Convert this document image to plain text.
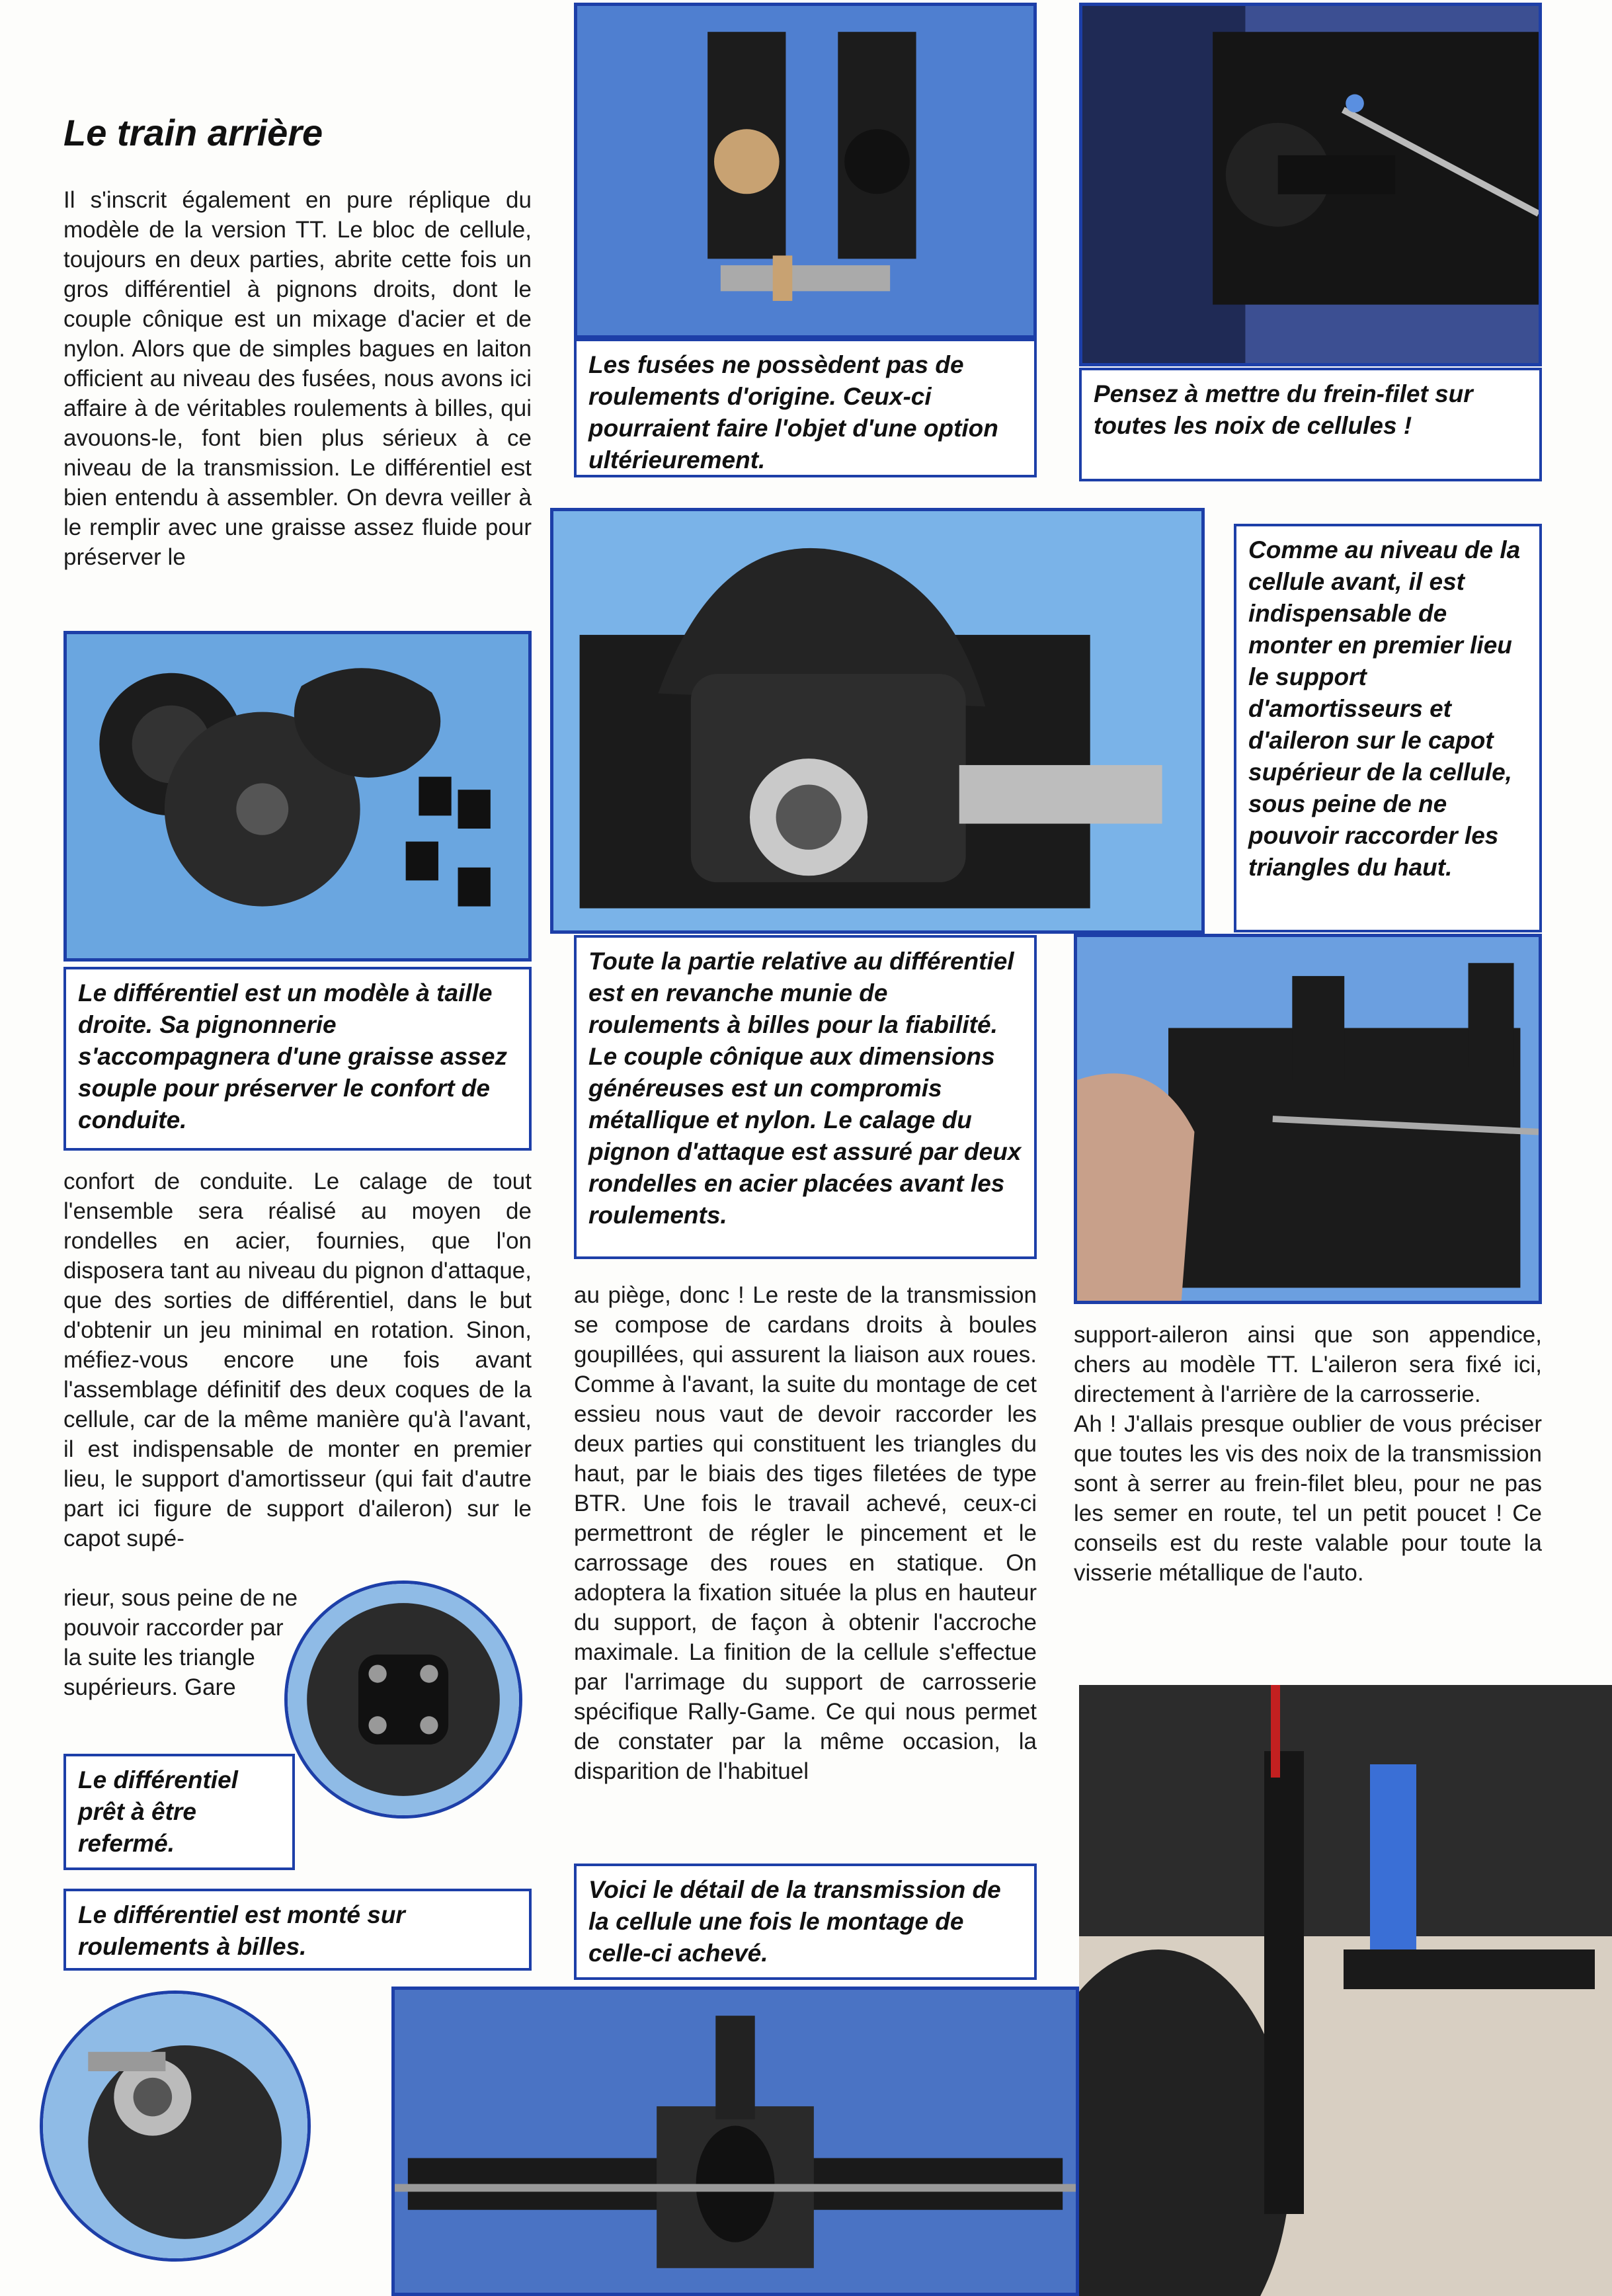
Le train arrière
Il s'inscrit également en pure réplique du modèle de la version TT. Le bloc de cellule, toujours en deux parties, abrite cette fois un gros différentiel à pignons droits, dont le couple cônique est un mixage d'acier et de nylon. Alors que de simples bagues en laiton officient au niveau des fusées, nous avons ici affaire à de véritables roulements à billes, qui avouons-le, font bien plus sérieux à ce niveau de la transmission. Le différentiel est bien entendu à assembler. On devra veiller à le remplir avec une graisse assez fluide pour préserver le
Le différentiel est un modèle à taille droite. Sa pignonnerie s'accompagnera d'une graisse assez souple pour préserver le confort de conduite.
confort de conduite. Le calage de tout l'ensemble sera réalisé au moyen de rondelles en acier, fournies, que l'on disposera tant au niveau du pignon d'attaque, que des sorties de différentiel, dans le but d'obtenir un jeu minimal en rotation. Sinon, méfiez-vous encore une fois avant l'assemblage définitif des deux coques de la cellule, car de la même manière qu'à l'avant, il est indispensable de monter en premier lieu, le support d'amortisseur (qui fait d'autre part ici figure de support d'aileron) sur le capot supé-
rieur, sous peine de ne pouvoir raccorder par la suite les triangle supérieurs. Gare
Le différentiel prêt à être refermé.
Le différentiel est monté sur roulements à billes.
Les fusées ne possèdent pas de roulements d'origine. Ceux-ci pourraient faire l'objet d'une option ultérieurement.
Pensez à mettre du frein-filet sur toutes les noix de cellules !
Comme au niveau de la cellule avant, il est indispensable de monter en premier lieu le support d'amortisseurs et d'aileron sur le capot supérieur de la cellule, sous peine de ne pouvoir raccorder les triangles du haut.
Toute la partie relative au différentiel est en revanche munie de roulements à billes pour la fiabilité. Le couple cônique aux dimensions généreuses est un compromis métallique et nylon. Le calage du pignon d'attaque est assuré par deux rondelles en acier placées avant les roulements.
au piège, donc ! Le reste de la transmission se compose de cardans droits à boules goupillées, qui assurent la liaison aux roues. Comme à l'avant, la suite du montage de cet essieu nous vaut de devoir raccorder les deux parties qui constituent les triangles du haut, par le biais des tiges filetées de type BTR. Une fois le travail achevé, ceux-ci permettront de régler le pincement et le carrossage des roues en statique. On adoptera la fixation située la plus en hauteur du support, de façon à obtenir l'accroche maximale. La finition de la cellule s'effectue par l'arrimage du support de carrosserie spécifique Rally-Game. Ce qui nous permet de constater par la même occasion, la disparition de l'habituel

support-aileron ainsi que son appendice, chers au modèle TT. L'aileron sera fixé ici, directement à l'arrière de la carrosserie.

Ah ! J'allais presque oublier de vous préciser que toutes les vis des noix de la transmission sont à serrer au frein-filet bleu, pour ne pas les semer en route, tel un petit poucet ! Ce conseils est du reste valable pour toute la visserie métallique de l'auto.

Voici le détail de la transmission de la cellule une fois le montage de celle-ci achevé.
